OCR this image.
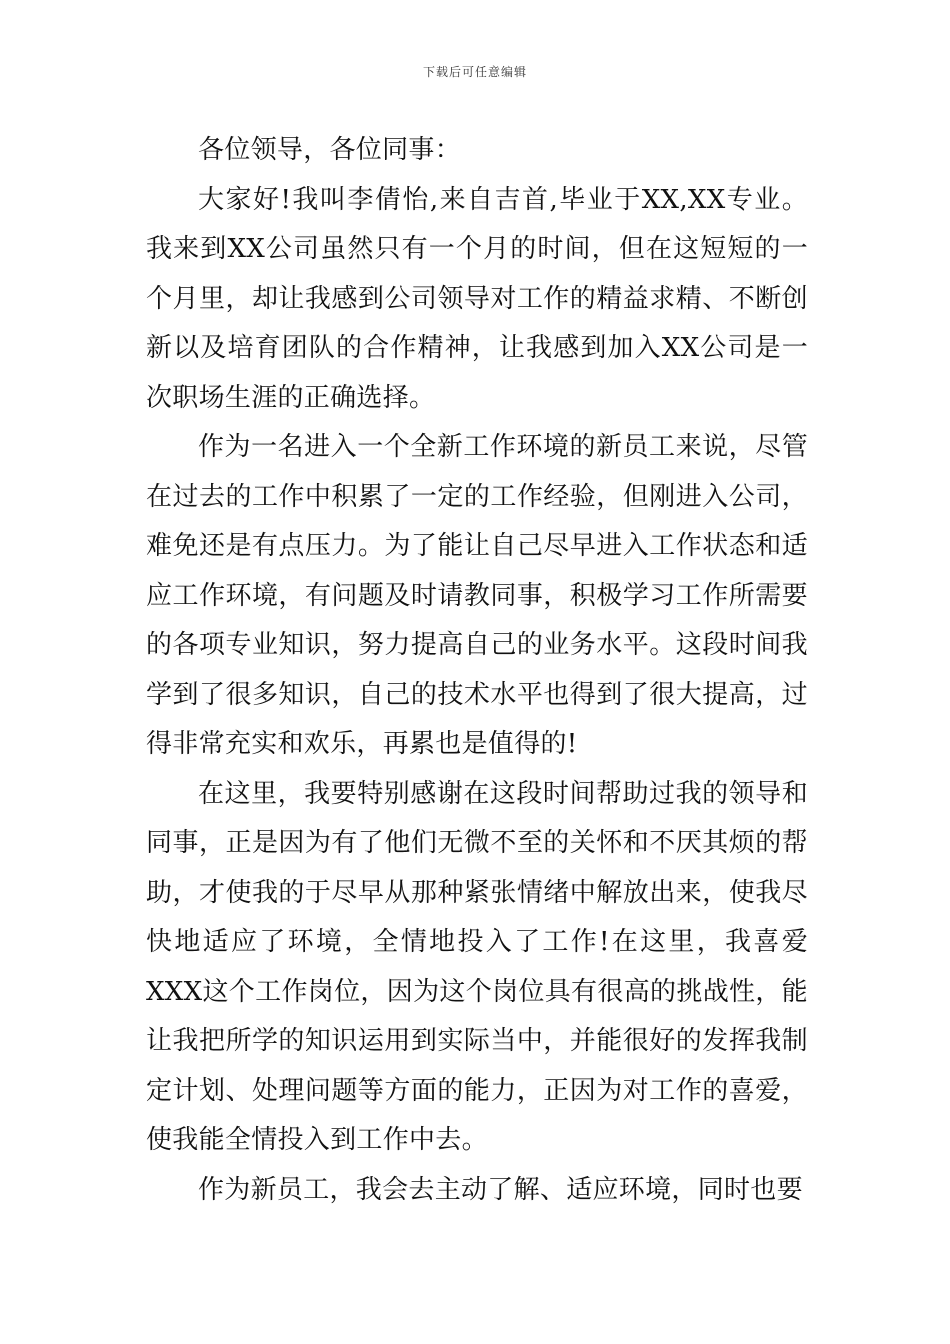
下载后可任意编辑

各位领导，各位同事：

大家好!我叫李倩怡,来自吉首,毕业于XX,XX专业。我来到XX公司虽然只有一个月的时间，但在这短短的一个月里，却让我感到公司领导对工作的精益求精、不断创新以及培育团队的合作精神，让我感到加入XX公司是一次职场生涯的正确选择。

作为一名进入一个全新工作环境的新员工来说，尽管在过去的工作中积累了一定的工作经验，但刚进入公司，难免还是有点压力。为了能让自己尽早进入工作状态和适应工作环境，有问题及时请教同事，积极学习工作所需要的各项专业知识，努力提高自己的业务水平。这段时间我学到了很多知识，自己的技术水平也得到了很大提高，过得非常充实和欢乐，再累也是值得的!

在这里，我要特别感谢在这段时间帮助过我的领导和同事，正是因为有了他们无微不至的关怀和不厌其烦的帮助，才使我的于尽早从那种紧张情绪中解放出来，使我尽快地适应了环境，全情地投入了工作!在这里，我喜爱XXX这个工作岗位，因为这个岗位具有很高的挑战性，能让我把所学的知识运用到实际当中，并能很好的发挥我制定计划、处理问题等方面的能力，正因为对工作的喜爱，使我能全情投入到工作中去。

作为新员工，我会去主动了解、适应环境，同时也要
